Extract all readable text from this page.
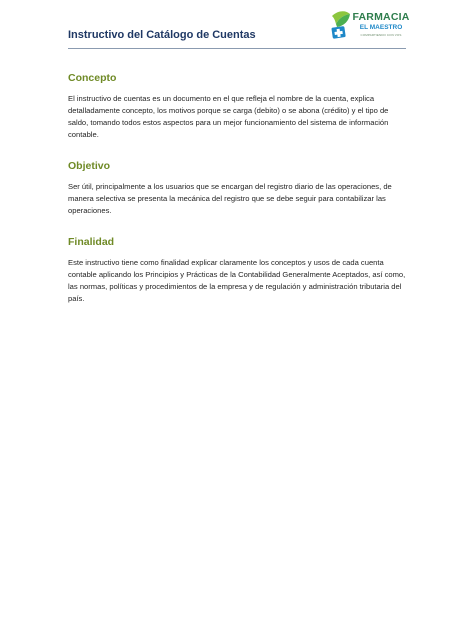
Instructivo del Catálogo de Cuentas
FARMACIA
EL MAESTRO
COMPARTIENDO CON VOS
Concepto

El instructivo de cuentas es un documento en el que refleja el nombre de la cuenta, explica detalladamente concepto, los motivos porque se carga (debito) o se abona (crédito) y el tipo de saldo, tomando todos estos aspectos para un mejor funcionamiento del sistema de información contable.

Objetivo

Ser útil, principalmente a los usuarios que se encargan del registro diario de las operaciones, de manera selectiva se presenta la mecánica del registro que se debe seguir para contabilizar las operaciones.

Finalidad

Este instructivo tiene como finalidad explicar claramente los conceptos y usos de cada cuenta contable aplicando los Principios y Prácticas de la Contabilidad Generalmente Aceptados, así como, las normas, políticas y procedimientos de la empresa y de regulación y administración tributaria del país.
